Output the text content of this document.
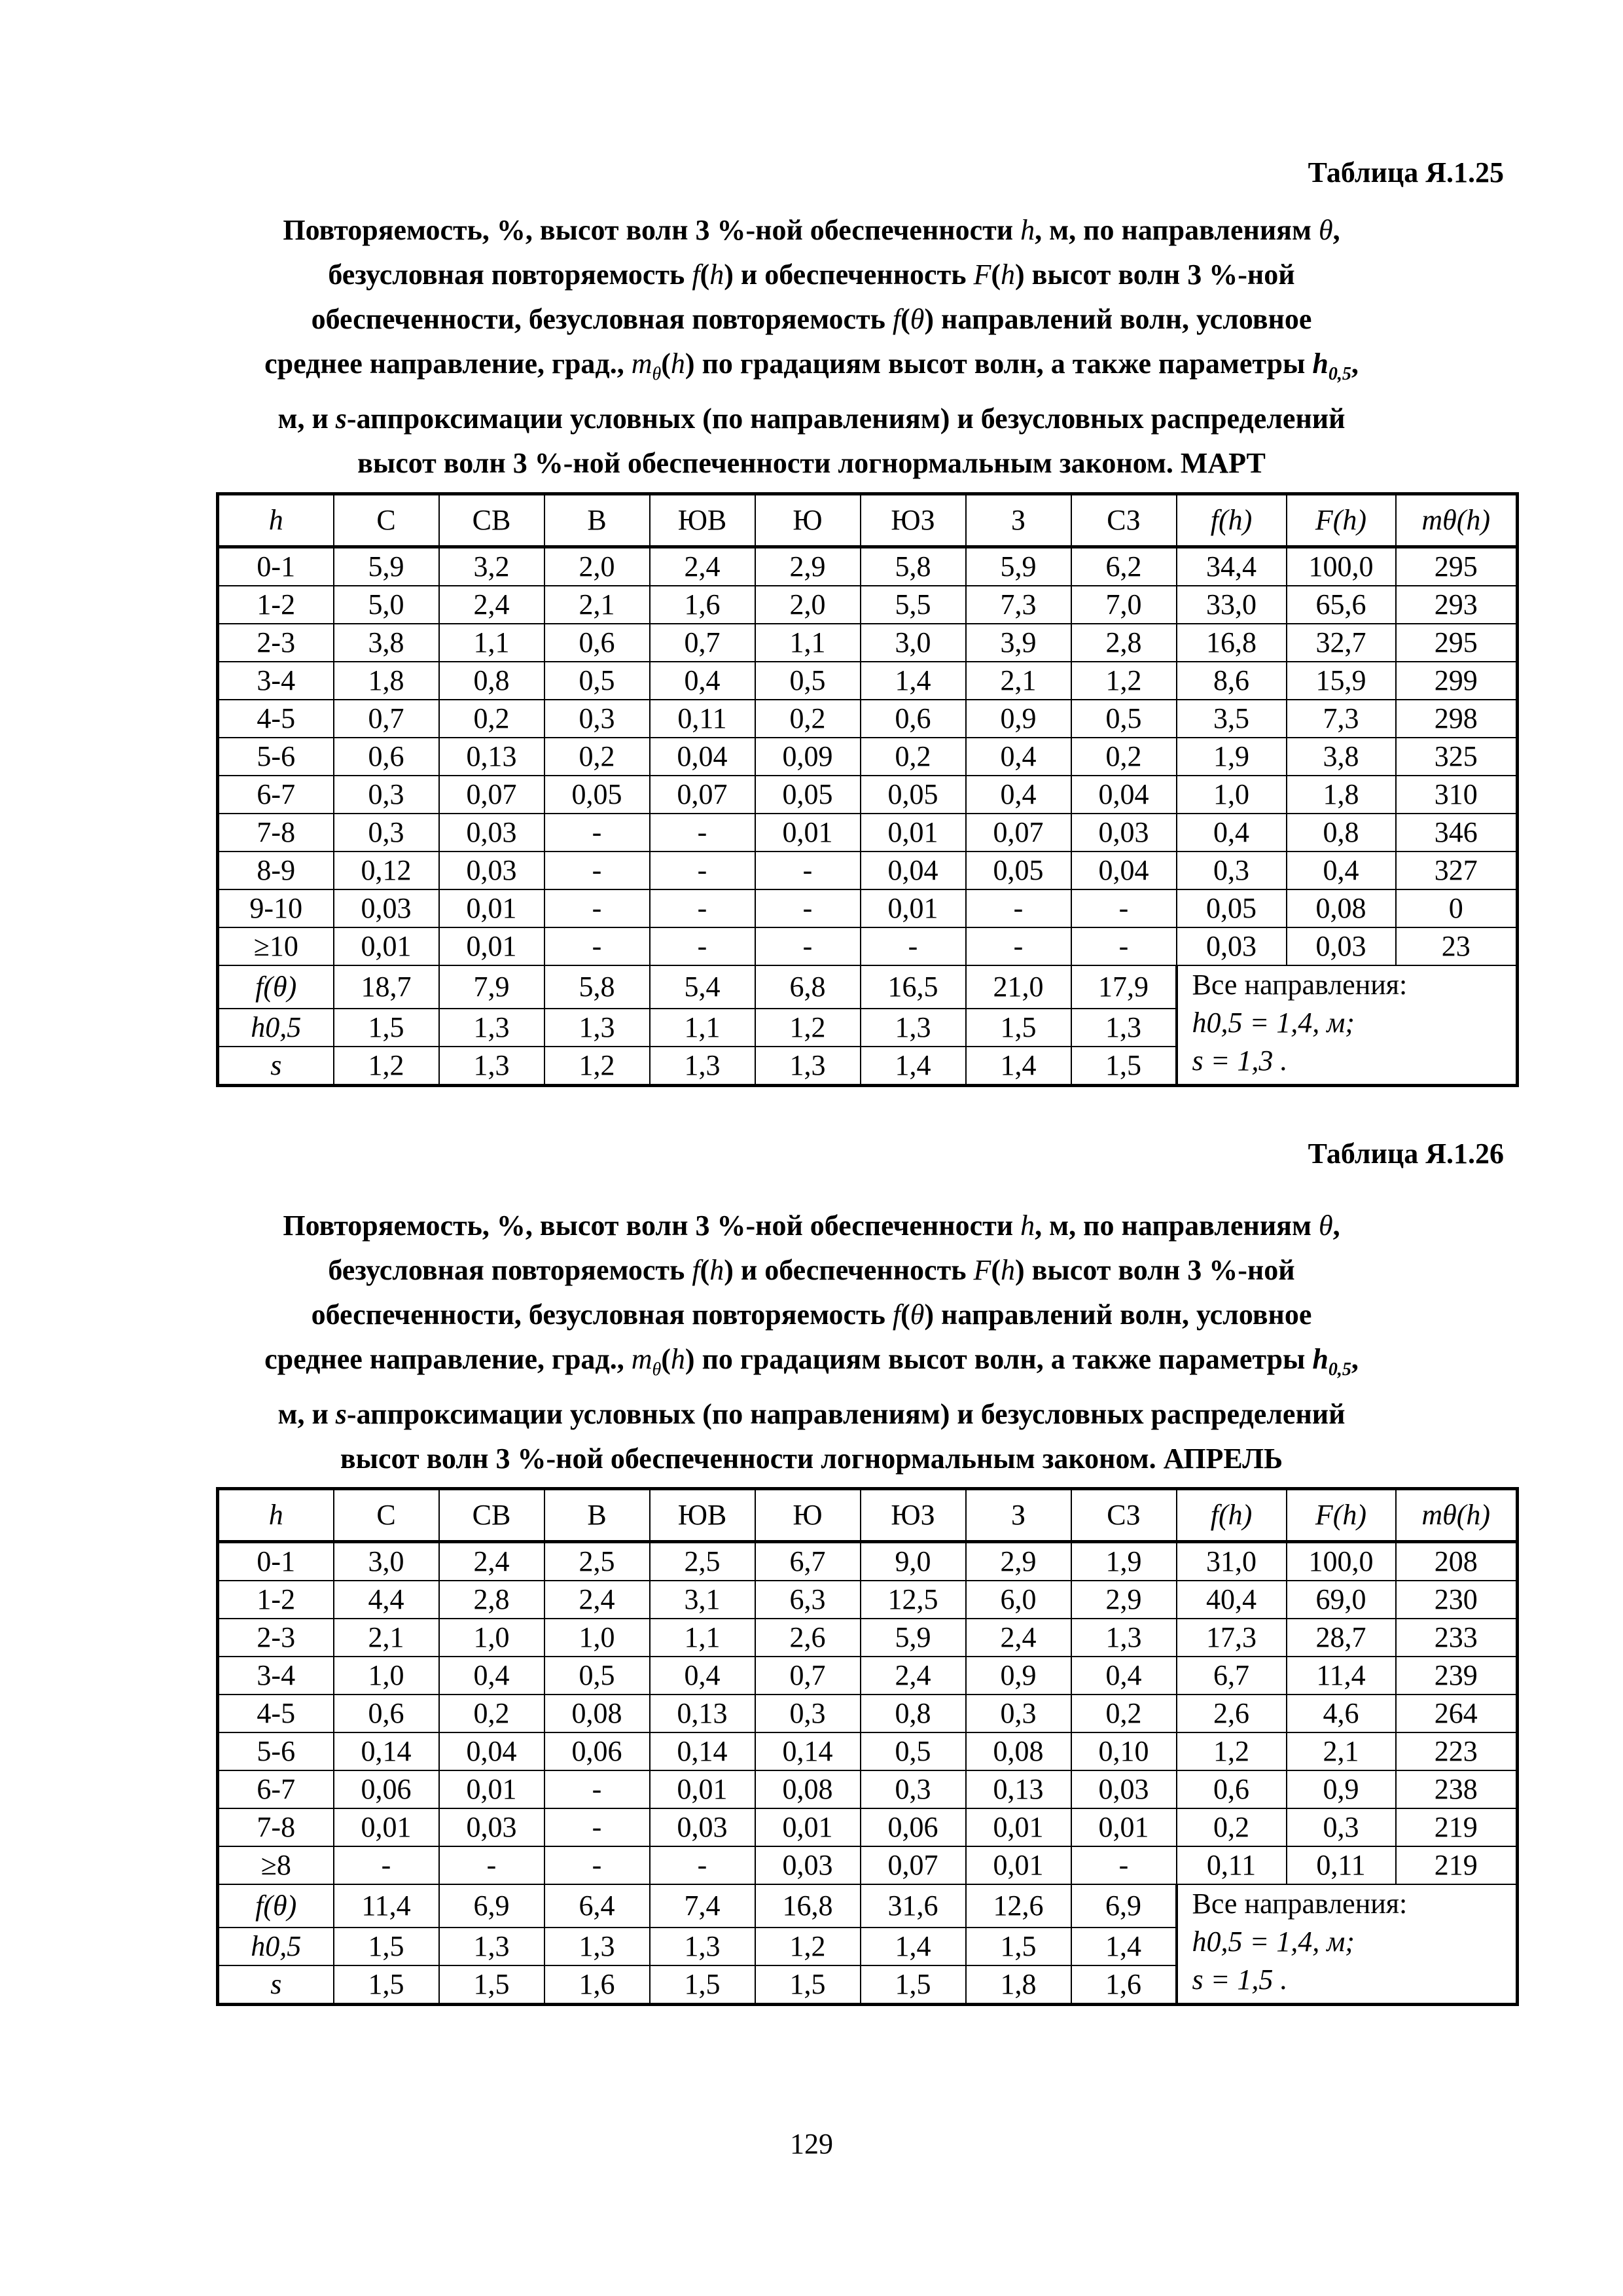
Таблица Я.1.25
Повторяемость, %, высот волн 3 %-ной обеспеченности h, м, по направлениям θ,
безусловная повторяемость f(h) и обеспеченность F(h) высот волн 3 %-ной
обеспеченности, безусловная повторяемость f(θ) направлений волн, условное
среднее направление, град., $m_\theta(h)$ по градациям высот волн, а также параметры $h_{0,5}$,
м, и s-аппроксимации условных (по направлениям) и безусловных распределений
высот волн 3 %-ной обеспеченности логнормальным законом. МАРТ
h	С	СВ	В	ЮВ	Ю	ЮЗ	З	СЗ	f(h)	F(h)	mθ(h)
0-1	5,9	3,2	2,0	2,4	2,9	5,8	5,9	6,2	34,4	100,0	295
1-2	5,0	2,4	2,1	1,6	2,0	5,5	7,3	7,0	33,0	65,6	293
2-3	3,8	1,1	0,6	0,7	1,1	3,0	3,9	2,8	16,8	32,7	295
3-4	1,8	0,8	0,5	0,4	0,5	1,4	2,1	1,2	8,6	15,9	299
4-5	0,7	0,2	0,3	0,11	0,2	0,6	0,9	0,5	3,5	7,3	298
5-6	0,6	0,13	0,2	0,04	0,09	0,2	0,4	0,2	1,9	3,8	325
6-7	0,3	0,07	0,05	0,07	0,05	0,05	0,4	0,04	1,0	1,8	310
7-8	0,3	0,03	-	-	0,01	0,01	0,07	0,03	0,4	0,8	346
8-9	0,12	0,03	-	-	-	0,04	0,05	0,04	0,3	0,4	327
9-10	0,03	0,01	-	-	-	0,01	-	-	0,05	0,08	0
≥10	0,01	0,01	-	-	-	-	-	-	0,03	0,03	23
f(θ)	18,7	7,9	5,8	5,4	6,8	16,5	21,0	17,9	Все направления:
h0,5 = 1,4, м;
s = 1,3 .		
h0,5	1,5	1,3	1,3	1,1	1,2	1,3	1,5	1,3			
s	1,2	1,3	1,2	1,3	1,3	1,4	1,4	1,5			
Таблица Я.1.26
Повторяемость, %, высот волн 3 %-ной обеспеченности h, м, по направлениям θ,
безусловная повторяемость f(h) и обеспеченность F(h) высот волн 3 %-ной
обеспеченности, безусловная повторяемость f(θ) направлений волн, условное
среднее направление, град., $m_\theta(h)$ по градациям высот волн, а также параметры $h_{0,5}$,
м, и s-аппроксимации условных (по направлениям) и безусловных распределений
высот волн 3 %-ной обеспеченности логнормальным законом. АПРЕЛЬ
h	С	СВ	В	ЮВ	Ю	ЮЗ	З	СЗ	f(h)	F(h)	mθ(h)
0-1	3,0	2,4	2,5	2,5	6,7	9,0	2,9	1,9	31,0	100,0	208
1-2	4,4	2,8	2,4	3,1	6,3	12,5	6,0	2,9	40,4	69,0	230
2-3	2,1	1,0	1,0	1,1	2,6	5,9	2,4	1,3	17,3	28,7	233
3-4	1,0	0,4	0,5	0,4	0,7	2,4	0,9	0,4	6,7	11,4	239
4-5	0,6	0,2	0,08	0,13	0,3	0,8	0,3	0,2	2,6	4,6	264
5-6	0,14	0,04	0,06	0,14	0,14	0,5	0,08	0,10	1,2	2,1	223
6-7	0,06	0,01	-	0,01	0,08	0,3	0,13	0,03	0,6	0,9	238
7-8	0,01	0,03	-	0,03	0,01	0,06	0,01	0,01	0,2	0,3	219
≥8	-	-	-	-	0,03	0,07	0,01	-	0,11	0,11	219
f(θ)	11,4	6,9	6,4	7,4	16,8	31,6	12,6	6,9	Все направления:
h0,5 = 1,4, м;
s = 1,5 .		
h0,5	1,5	1,3	1,3	1,3	1,2	1,4	1,5	1,4			
s	1,5	1,5	1,6	1,5	1,5	1,5	1,8	1,6			
129
